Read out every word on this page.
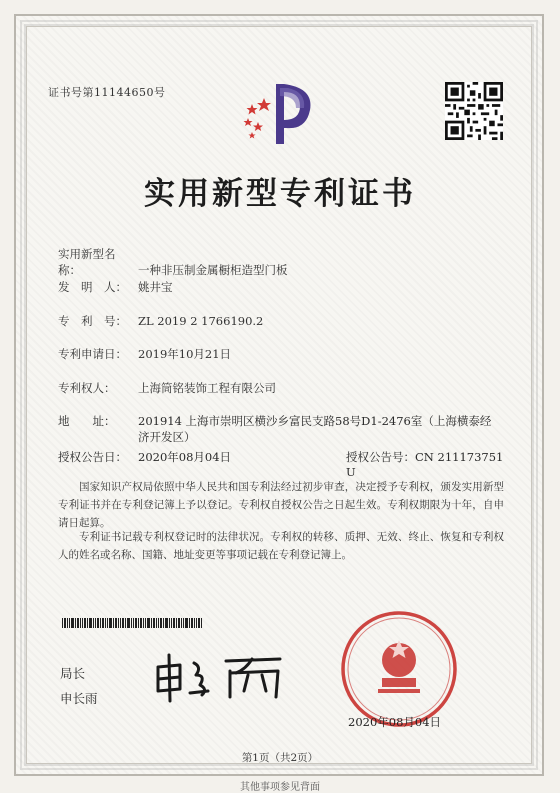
证书号第11144650号
实用新型专利证书
实用新型名称：	一种非压制金属橱柜造型门板
发　明　人： 姚井宝
专　利　号： ZL 2019 2 1766190.2
专利申请日： 2019年10月21日
专利权人： 上海筒铭装饰工程有限公司
地　　址： 201914 上海市崇明区横沙乡富民支路58号D1-2476室（上海横泰经济开发区）
授权公告日： 2020年08月04日	授权公告号：CN 211173751 U
国家知识产权局依照中华人民共和国专利法经过初步审查，决定授予专利权，颁发实用新型专利证书并在专利登记簿上予以登记。专利权自授权公告之日起生效。专利权期限为十年，自申请日起算。
专利证书记载专利权登记时的法律状况。专利权的转移、质押、无效、终止、恢复和专利权人的姓名或名称、国籍、地址变更等事项记载在专利登记簿上。
局长
申长雨
2020年08月04日
第1页（共2页）
其他事项参见背面
